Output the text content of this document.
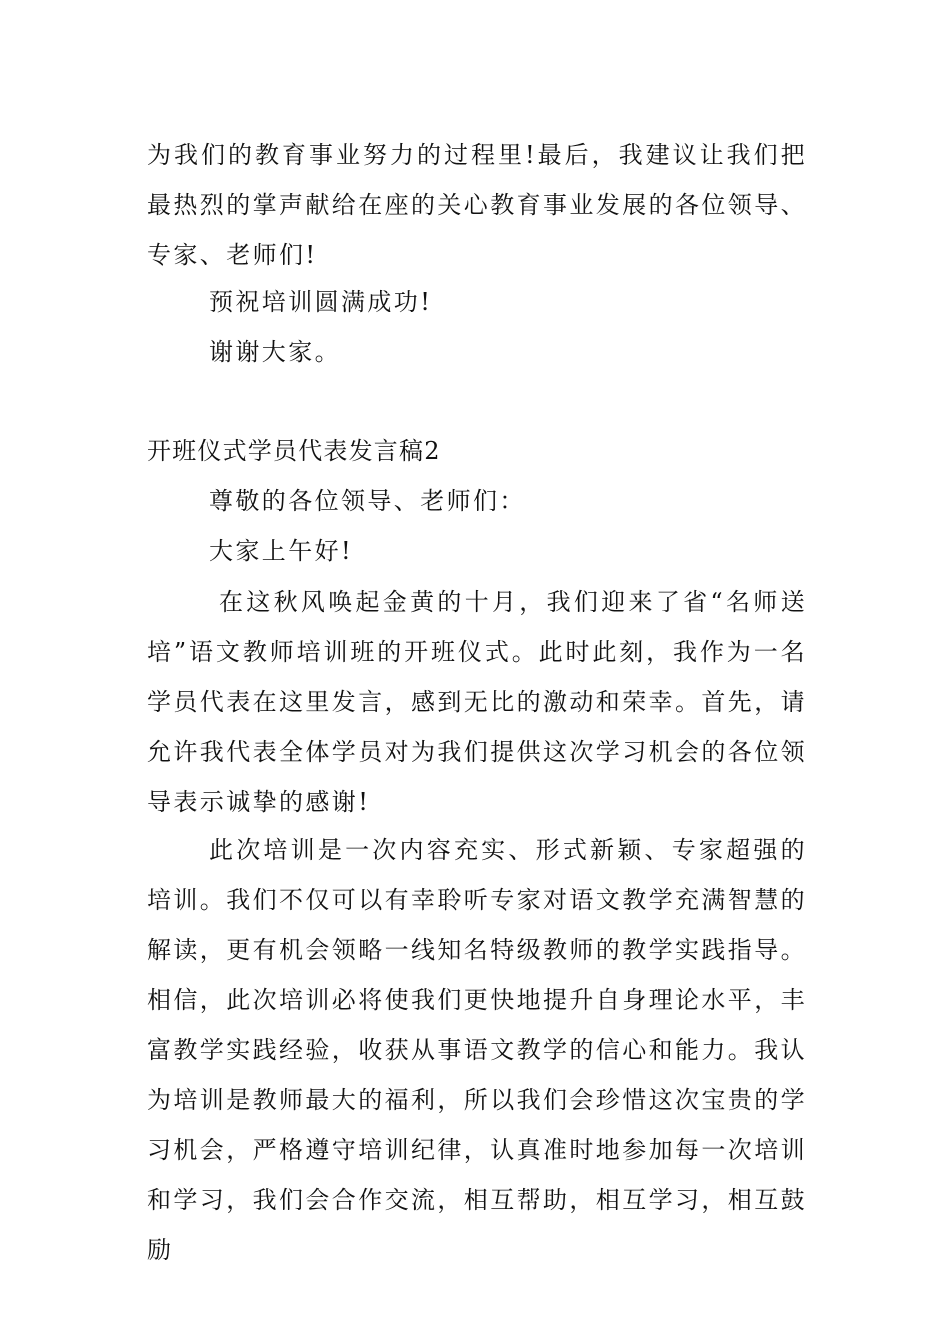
为我们的教育事业努力的过程里!最后，我建议让我们把最热烈的掌声献给在座的关心教育事业发展的各位领导、专家、老师们!

预祝培训圆满成功!

谢谢大家。

开班仪式学员代表发言稿2

尊敬的各位领导、老师们：

大家上午好!

在这秋风唤起金黄的十月，我们迎来了省“名师送培”语文教师培训班的开班仪式。此时此刻，我作为一名学员代表在这里发言，感到无比的激动和荣幸。首先，请允许我代表全体学员对为我们提供这次学习机会的各位领导表示诚挚的感谢!

此次培训是一次内容充实、形式新颖、专家超强的培训。我们不仅可以有幸聆听专家对语文教学充满智慧的解读，更有机会领略一线知名特级教师的教学实践指导。相信，此次培训必将使我们更快地提升自身理论水平，丰富教学实践经验，收获从事语文教学的信心和能力。我认为培训是教师最大的福利，所以我们会珍惜这次宝贵的学习机会，严格遵守培训纪律，认真准时地参加每一次培训和学习，我们会合作交流，相互帮助，相互学习，相互鼓励
